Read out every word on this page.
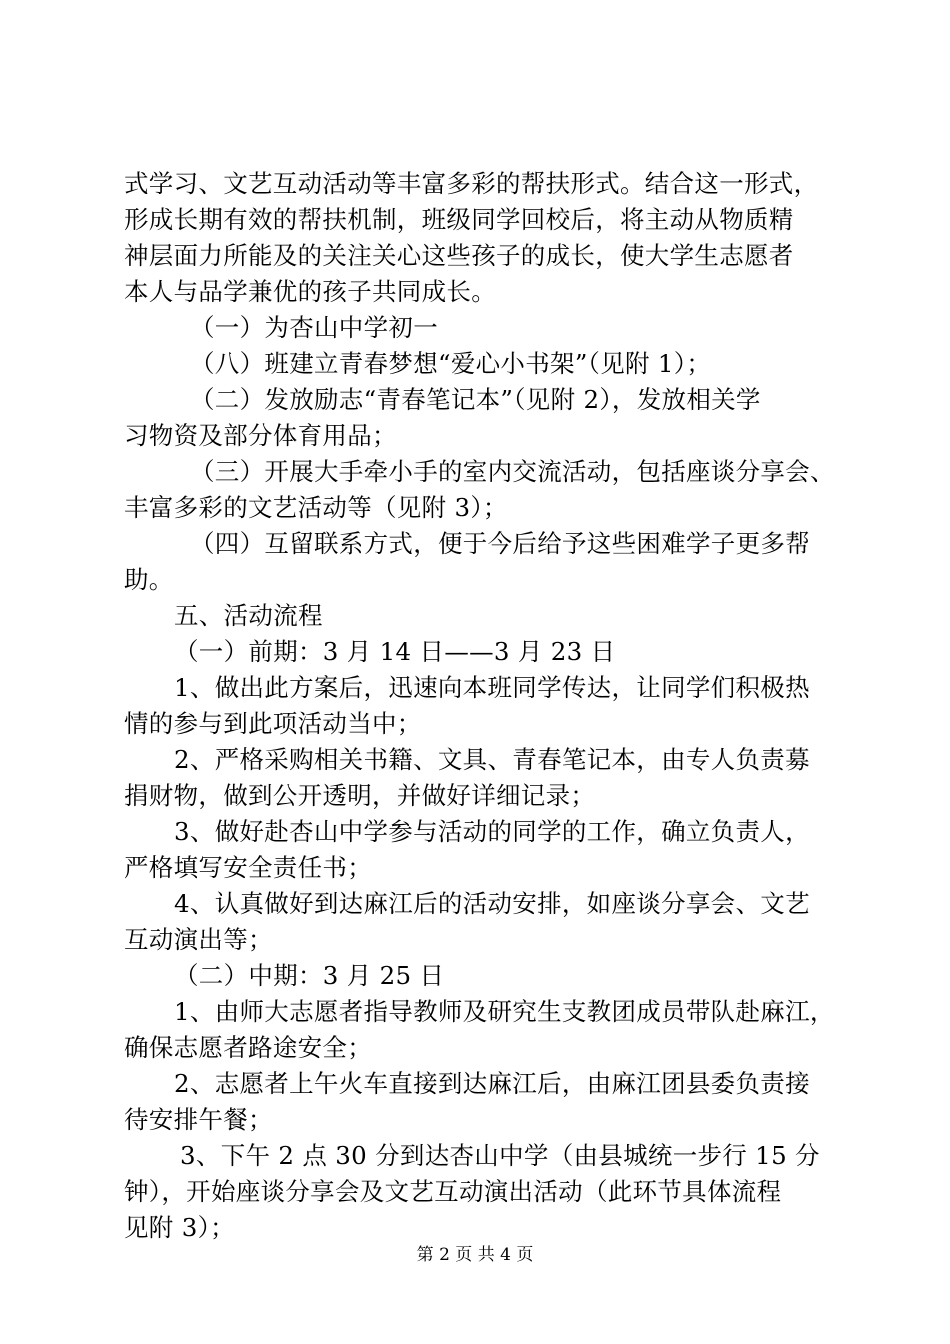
式学习、文艺互动活动等丰富多彩的帮扶形式。结合这一形式，
形成长期有效的帮扶机制，班级同学回校后，将主动从物质精
神层面力所能及的关注关心这些孩子的成长，使大学生志愿者
本人与品学兼优的孩子共同成长。
（一）为杏山中学初一
（八）班建立青春梦想“爱心小书架”（见附 1）；
（二）发放励志“青春笔记本”（见附 2），发放相关学
习物资及部分体育用品；
（三）开展大手牵小手的室内交流活动，包括座谈分享会、
丰富多彩的文艺活动等（见附 3）；
（四）互留联系方式，便于今后给予这些困难学子更多帮
助。
五、活动流程
（一）前期：3 月 14 日——3 月 23 日
1、做出此方案后，迅速向本班同学传达，让同学们积极热
情的参与到此项活动当中；
2、严格采购相关书籍、文具、青春笔记本，由专人负责募
捐财物，做到公开透明，并做好详细记录；
3、做好赴杏山中学参与活动的同学的工作，确立负责人，
严格填写安全责任书；
4、认真做好到达麻江后的活动安排，如座谈分享会、文艺
互动演出等；
（二）中期：3 月 25 日
1、由师大志愿者指导教师及研究生支教团成员带队赴麻江，
确保志愿者路途安全；
2、志愿者上午火车直接到达麻江后，由麻江团县委负责接
待安排午餐；
3、下午 2 点 30 分到达杏山中学（由县城统一步行 15 分
钟），开始座谈分享会及文艺互动演出活动（此环节具体流程
见附 3）；
第 2 页 共 4 页
